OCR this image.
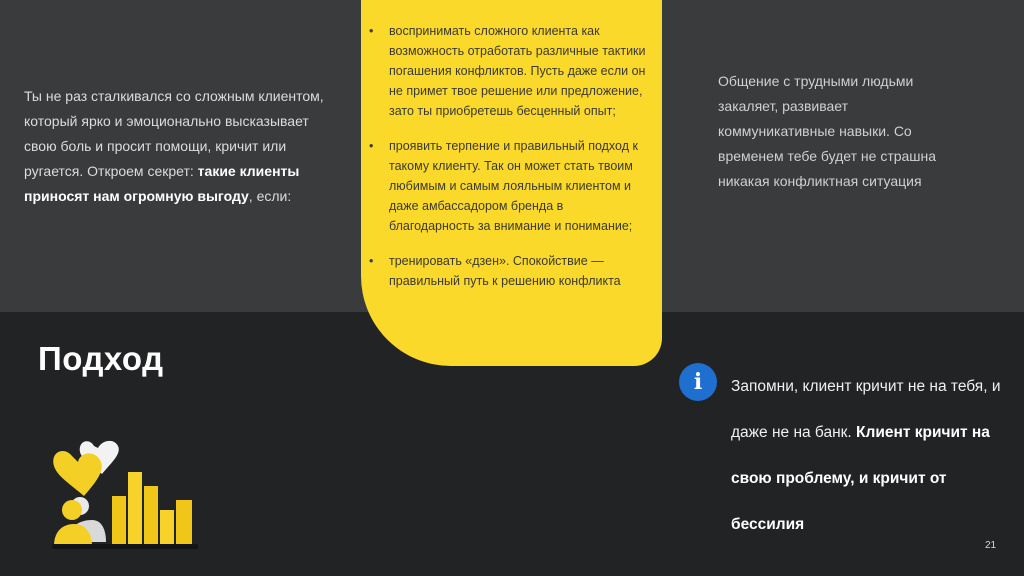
Ты не раз сталкивался со сложным клиентом, который ярко и эмоционально высказывает свою боль и просит помощи, кричит или ругается. Откроем секрет: такие клиенты приносят нам огромную выгоду, если:

• воспринимать сложного клиента как возможность отработать различные тактики погашения конфликтов. Пусть даже если он не примет твое решение или предложение, зато ты приобретешь бесценный опыт;
• проявить терпение и правильный подход к такому клиенту. Так он может стать твоим любимым и самым лояльным клиентом и даже амбассадором бренда в благодарность за внимание и понимание;
• тренировать «дзен». Спокойствие — правильный путь к решению конфликта

Общение с трудными людьми закаляет, развивает коммуникативные навыки. Со временем тебе будет не страшна никакая конфликтная ситуация

Подход
i Запомни, клиент кричит не на тебя, и даже не на банк. Клиент кричит на свою проблему, и кричит от бессилия

21
